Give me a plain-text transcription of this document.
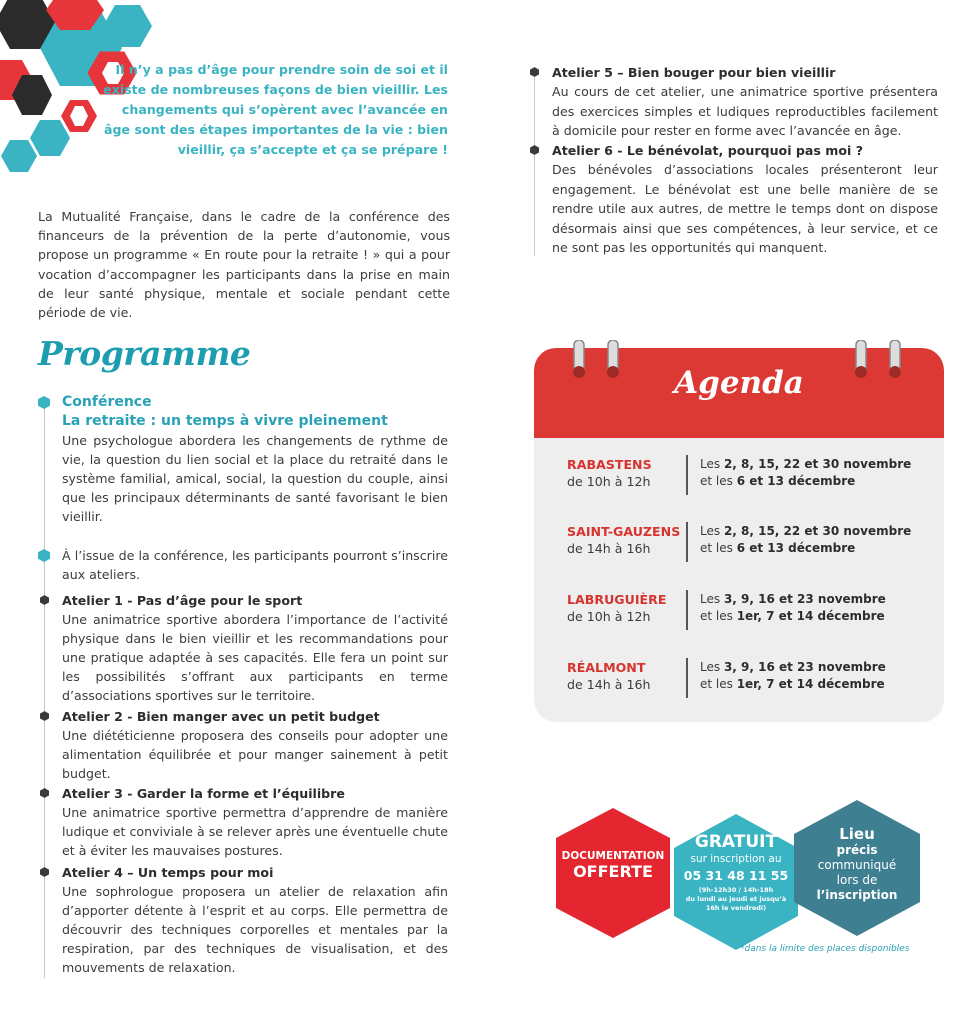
Il n’y a pas d’âge pour prendre soin de soi et il existe de nombreuses façons de bien vieillir. Les changements qui s’opèrent avec l’avancée en âge sont des étapes importantes de la vie : bien vieillir, ça s’accepte et ça se prépare !
La Mutualité Française, dans le cadre de la conférence des financeurs de la prévention de la perte d’autonomie, vous propose un programme « En route pour la retraite ! » qui a pour vocation d’accompagner les participants dans la prise en main de leur santé physique, mentale et sociale pendant cette période de vie.
Programme
Conférence
La retraite : un temps à vivre pleinement
Une psychologue abordera les changements de rythme de vie, la question du lien social et la place du retraité dans le système familial, amical, social, la question du couple, ainsi que les principaux déterminants de santé favorisant le bien vieillir.
À l’issue de la conférence, les participants pourront s’inscrire aux ateliers.
Atelier 1 - Pas d’âge pour le sport
Une animatrice sportive abordera l’importance de l’activité physique dans le bien vieillir et les recommandations pour une pratique adaptée à ses capacités. Elle fera un point sur les possibilités s’offrant aux participants en terme d’associations sportives sur le territoire.
Atelier 2 - Bien manger avec un petit budget
Une diététicienne proposera des conseils pour adopter une alimentation équilibrée et pour manger sainement à petit budget.
Atelier 3 - Garder la forme et l’équilibre
Une animatrice sportive permettra d’apprendre de manière ludique et conviviale à se relever après une éventuelle chute et à éviter les mauvaises postures.
Atelier 4 – Un temps pour moi
Une sophrologue proposera un atelier de relaxation afin d’apporter détente à l’esprit et au corps. Elle permettra de découvrir des techniques corporelles et mentales par la respiration, par des techniques de visualisation, et des mouvements de relaxation.
Atelier 5 – Bien bouger pour bien vieillir
Au cours de cet atelier, une animatrice sportive présentera des exercices simples et ludiques reproductibles facilement à domicile pour rester en forme avec l’avancée en âge.
Atelier 6 - Le bénévolat, pourquoi pas moi ?
Des bénévoles d’associations locales présenteront leur engagement. Le bénévolat est une belle manière de se rendre utile aux autres, de mettre le temps dont on dispose désormais ainsi que ses compétences, à leur service, et ce ne sont pas les opportunités qui manquent.
Agenda
RABASTENS
de 10h à 12h
Les 2, 8, 15, 22 et 30 novembre
et les 6 et 13 décembre
SAINT-GAUZENS
de 14h à 16h
Les 2, 8, 15, 22 et 30 novembre
et les 6 et 13 décembre
LABRUGUIÈRE
de 10h à 12h
Les 3, 9, 16 et 23 novembre
et les 1er, 7 et 14 décembre
RÉALMONT
de 14h à 16h
Les 3, 9, 16 et 23 novembre
et les 1er, 7 et 14 décembre
DOCUMENTATION
OFFERTE
GRATUIT
sur inscription au
05 31 48 11 55
(9h-12h30 / 14h-18h
du lundi au jeudi et jusqu’à
16h le vendredi)
Lieu
précis
communiqué
lors de
l’inscription
*dans la limite des places disponibles
